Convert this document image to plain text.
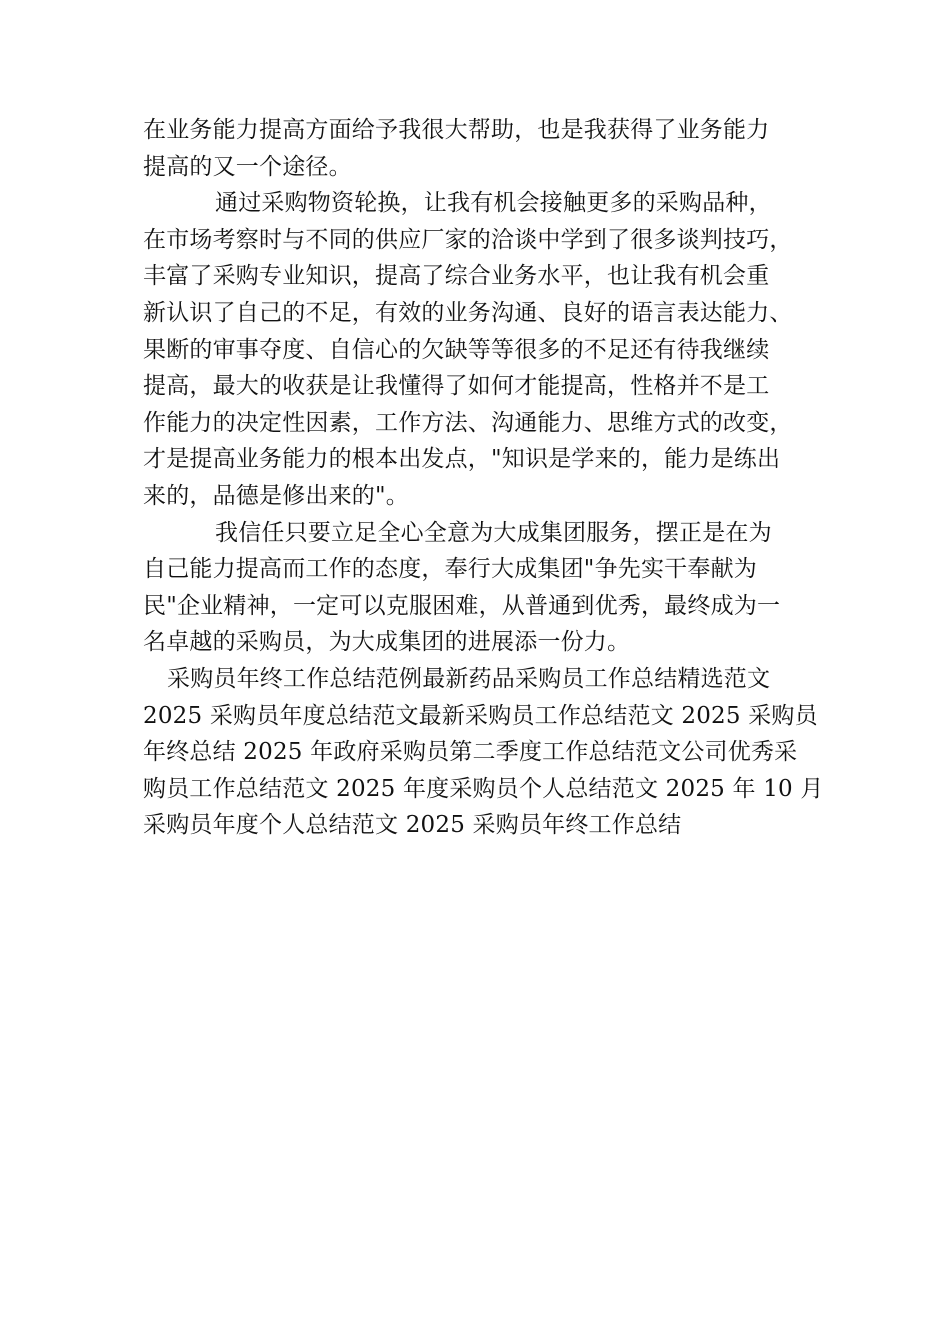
在业务能力提高方面给予我很大帮助，也是我获得了业务能力
提高的又一个途径。
通过采购物资轮换，让我有机会接触更多的采购品种，
在市场考察时与不同的供应厂家的洽谈中学到了很多谈判技巧，
丰富了采购专业知识，提高了综合业务水平，也让我有机会重
新认识了自己的不足，有效的业务沟通、良好的语言表达能力、
果断的审事夺度、自信心的欠缺等等很多的不足还有待我继续
提高，最大的收获是让我懂得了如何才能提高，性格并不是工
作能力的决定性因素，工作方法、沟通能力、思维方式的改变，
才是提高业务能力的根本出发点，"知识是学来的，能力是练出
来的，品德是修出来的"。
我信任只要立足全心全意为大成集团服务，摆正是在为
自己能力提高而工作的态度，奉行大成集团"争先实干奉献为
民"企业精神，一定可以克服困难，从普通到优秀，最终成为一
名卓越的采购员，为大成集团的进展添一份力。
采购员年终工作总结范例最新药品采购员工作总结精选范文
2025 采购员年度总结范文最新采购员工作总结范文 2025 采购员
年终总结 2025 年政府采购员第二季度工作总结范文公司优秀采
购员工作总结范文 2025 年度采购员个人总结范文 2025 年 10 月
采购员年度个人总结范文 2025 采购员年终工作总结
